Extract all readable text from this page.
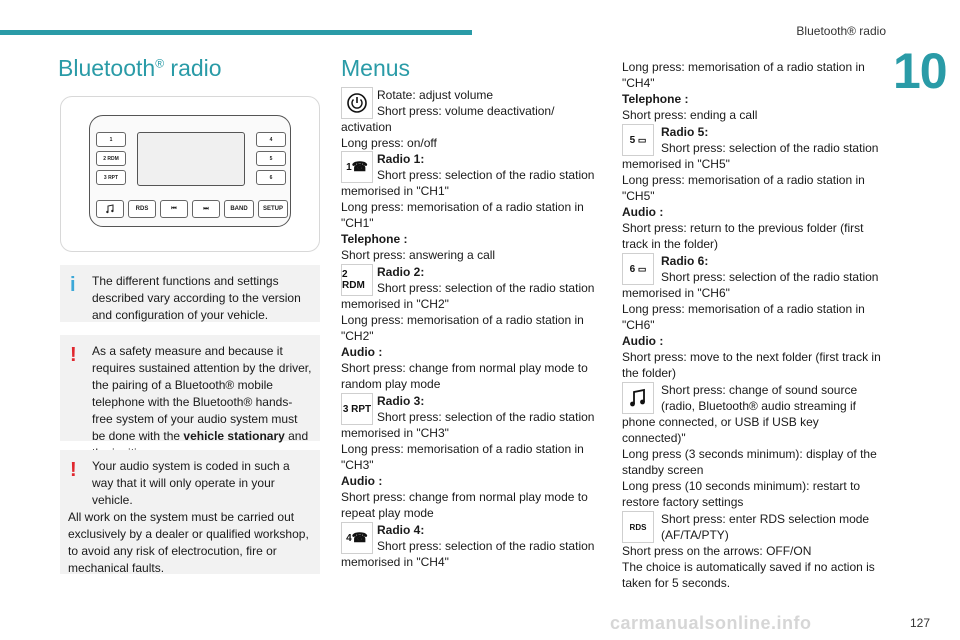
Bluetooth® radio
10
Bluetooth® radio
1
2 RDM
3 RPT
4
5
6
RDS	⏮	⏭	BAND	SETUP
i	The different functions and settings described vary according to the version and configuration of your vehicle.
!	As a safety measure and because it requires sustained attention by the driver, the pairing of a Bluetooth® mobile telephone with the Bluetooth® hands-free system of your audio system must be done with the vehicle stationary and
!	Your audio system is coded in such a way that it will only operate in your vehicle.
All work on the system must be carried out exclusively by a dealer or qualified workshop, to avoid any risk of electrocution, fire or mechanical faults.
Menus
Rotate: adjust volume
Short press: volume deactivation/
activation
Long press: on/off
1 ☎ Radio 1:
Short press: selection of the radio station
memorised in "CH1"
Long press: memorisation of a radio station in
"CH1"
Telephone :
Short press: answering a call
2 RDM
Radio 2:
Short press: selection of the radio station
memorised in "CH2"
Long press: memorisation of a radio station in
"CH2"
Audio :
Short press: change from normal play mode to
random play mode
3 RPT
Radio 3:
Short press: selection of the radio station
memorised in "CH3"
Long press: memorisation of a radio station in
"CH3"
Audio :
Short press: change from normal play mode to
repeat play mode
4 ☎ Radio 4:
Short press: selection of the radio station
memorised in "CH4"
Long press: memorisation of a radio station in
"CH4"
Telephone :
Short press: ending a call
5
▭
Radio 5:
Short press: selection of the radio station
memorised in "CH5"
Long press: memorisation of a radio station in
"CH5"
Audio :
Short press: return to the previous folder (first
track in the folder)
6
▭
Radio 6:
Short press: selection of the radio station
memorised in "CH6"
Long press: memorisation of a radio station in
"CH6"
Audio :
Short press: move to the next folder (first track in
the folder)
Short press: change of sound source
(radio, Bluetooth® audio streaming if
phone connected, or USB if USB key
connected)"
Long press (3 seconds minimum): display of the
standby screen
Long press (10 seconds minimum): restart to
restore factory settings
RDS
Short press: enter RDS selection mode
(AF/TA/PTY)
Short press on the arrows: OFF/ON
The choice is automatically saved if no action is
taken for 5 seconds.
carmanualsonline.info	127
